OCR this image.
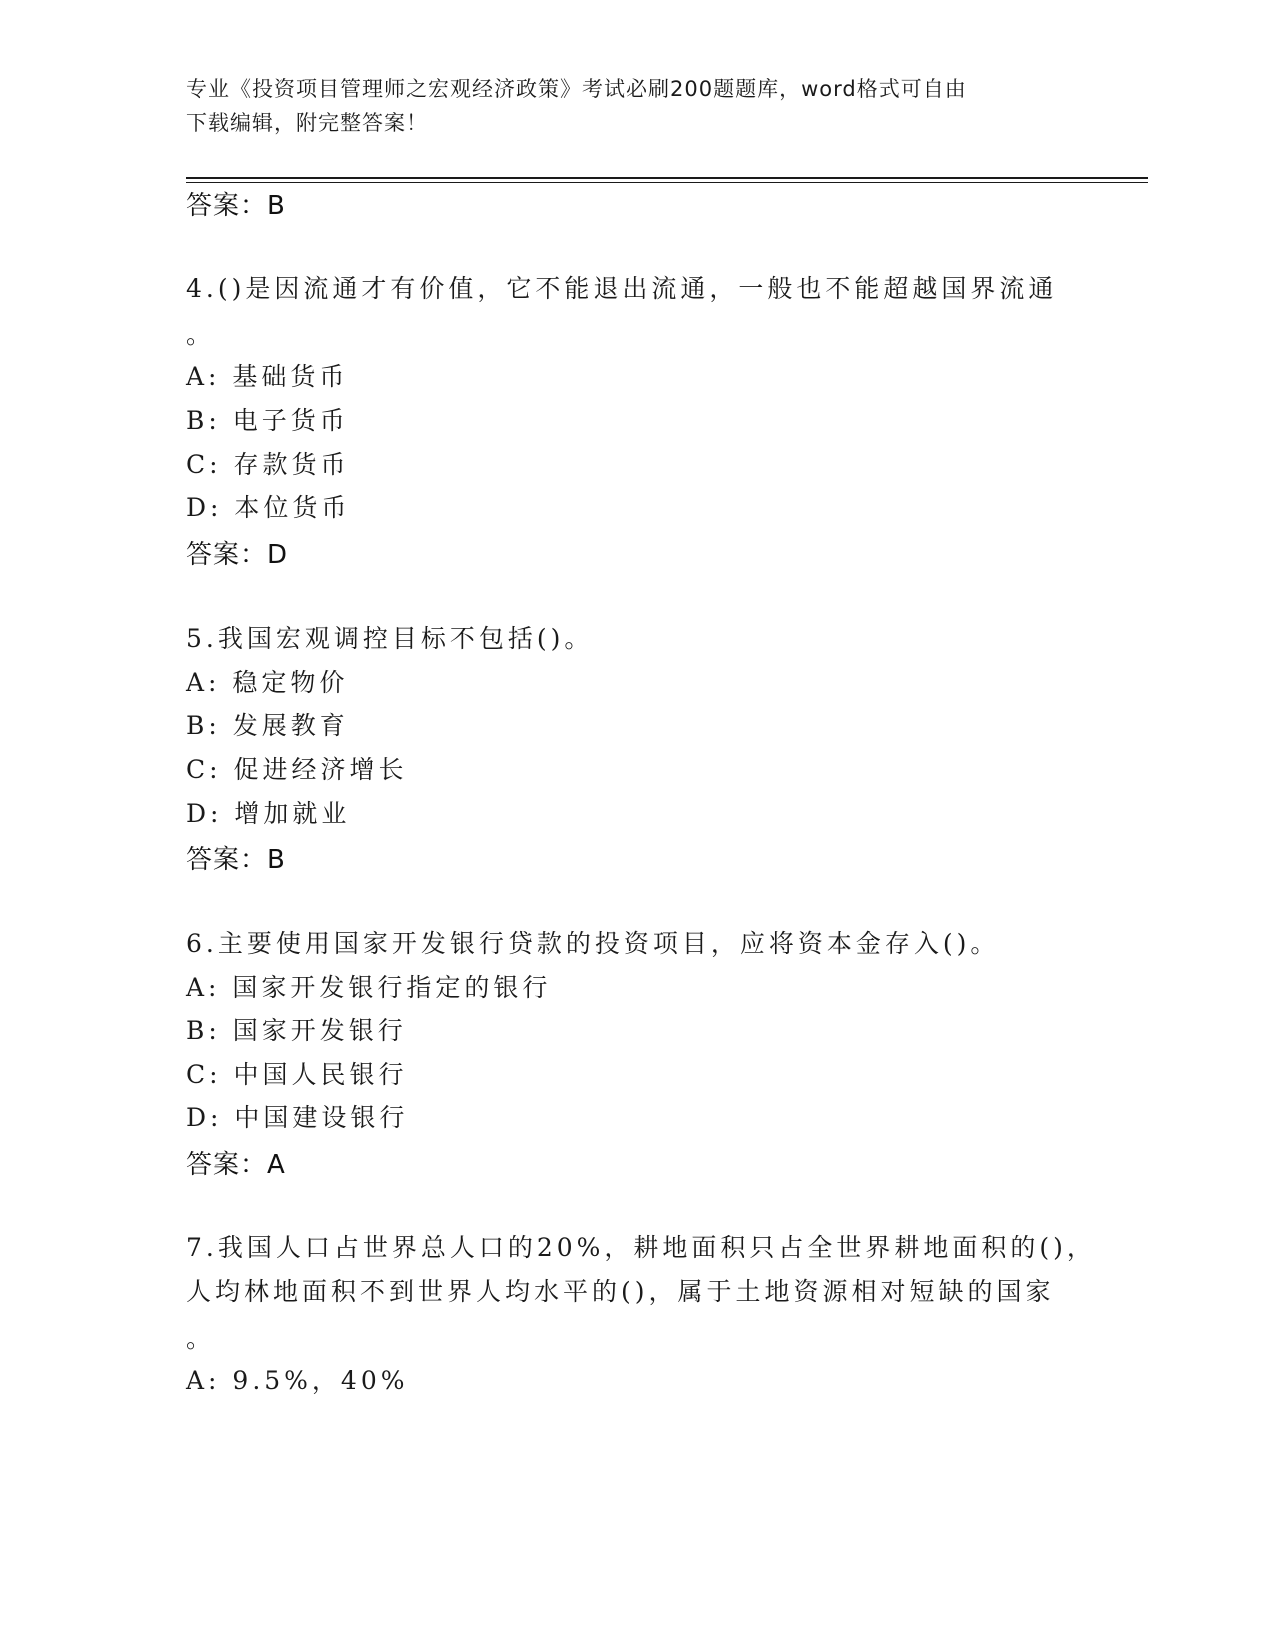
专业《投资项目管理师之宏观经济政策》考试必刷200题题库，word格式可自由
下载编辑，附完整答案！
答案：B
4.()是因流通才有价值，它不能退出流通，一般也不能超越国界流通
。
A: 基础货币
B: 电子货币
C: 存款货币
D: 本位货币
答案：D
5.我国宏观调控目标不包括()。
A: 稳定物价
B: 发展教育
C: 促进经济增长
D: 增加就业
答案：B
6.主要使用国家开发银行贷款的投资项目，应将资本金存入()。
A: 国家开发银行指定的银行
B: 国家开发银行
C: 中国人民银行
D: 中国建设银行
答案：A
7.我国人口占世界总人口的20%，耕地面积只占全世界耕地面积的()，
人均林地面积不到世界人均水平的()，属于土地资源相对短缺的国家
。
A: 9.5%，40%
